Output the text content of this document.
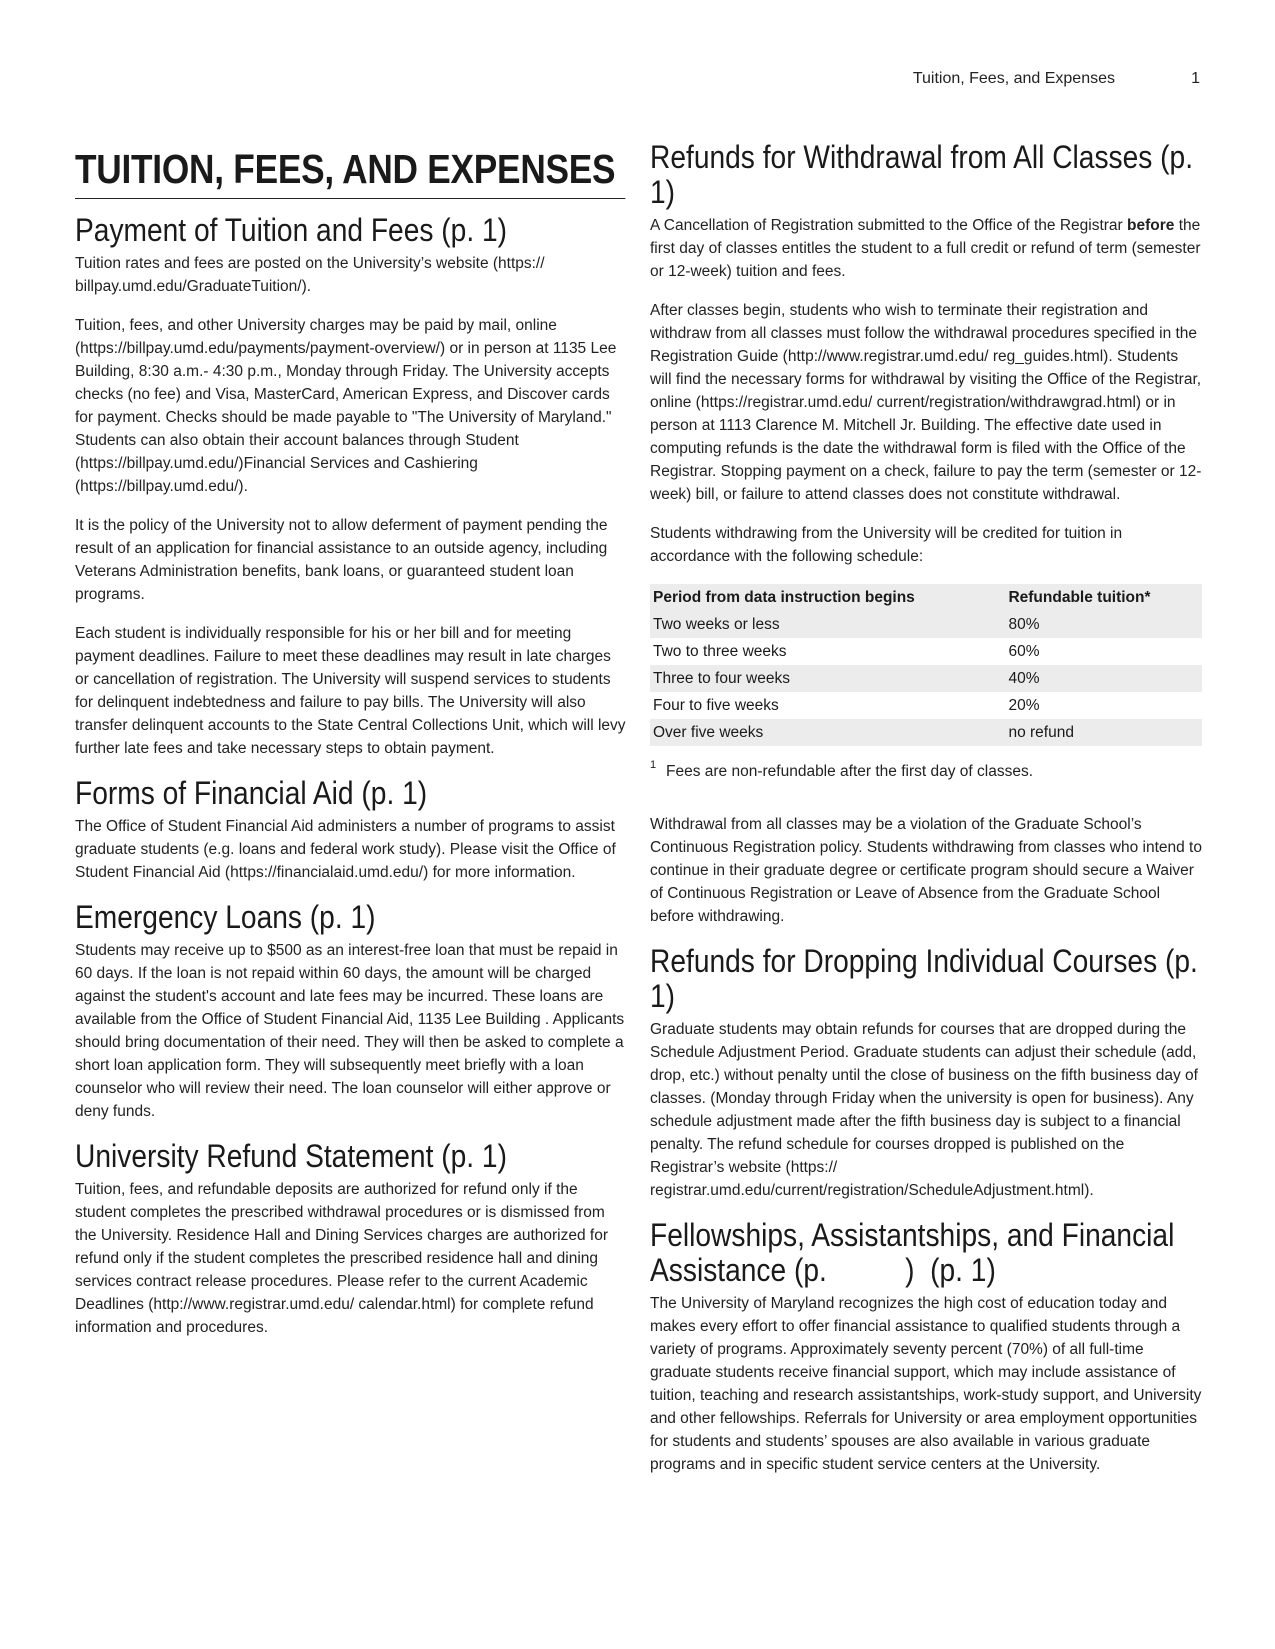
Tuition, Fees, and Expenses	1
TUITION, FEES, AND EXPENSES
Payment of Tuition and Fees (p. 1)

Tuition rates and fees are posted on the University’s website (https:// billpay.umd.edu/GraduateTuition/).

Tuition, fees, and other University charges may be paid by mail, online (https://billpay.umd.edu/payments/payment-overview/) or in person at 1135 Lee Building, 8:30 a.m.- 4:30 p.m., Monday through Friday. The University accepts checks (no fee) and Visa, MasterCard, American Express, and Discover cards for payment. Checks should be made payable to "The University of Maryland." Students can also obtain their account balances through Student (https://billpay.umd.edu/)Financial Services and Cashiering (https://billpay.umd.edu/).

It is the policy of the University not to allow deferment of payment pending the result of an application for financial assistance to an outside agency, including Veterans Administration benefits, bank loans, or guaranteed student loan programs.

Each student is individually responsible for his or her bill and for meeting payment deadlines. Failure to meet these deadlines may result in late charges or cancellation of registration. The University will suspend services to students for delinquent indebtedness and failure to pay bills. The University will also transfer delinquent accounts to the State Central Collections Unit, which will levy further late fees and take necessary steps to obtain payment.

Forms of Financial Aid (p. 1)

The Office of Student Financial Aid administers a number of programs to assist graduate students (e.g. loans and federal work study). Please visit the Office of Student Financial Aid (https://financialaid.umd.edu/) for more information.

Emergency Loans (p. 1)

Students may receive up to $500 as an interest-free loan that must be repaid in 60 days. If the loan is not repaid within 60 days, the amount will be charged against the student's account and late fees may be incurred. These loans are available from the Office of Student Financial Aid, 1135 Lee Building . Applicants should bring documentation of their need. They will then be asked to complete a short loan application form. They will subsequently meet briefly with a loan counselor who will review their need. The loan counselor will either approve or deny funds.

University Refund Statement (p. 1)

Tuition, fees, and refundable deposits are authorized for refund only if the student completes the prescribed withdrawal procedures or is dismissed from the University. Residence Hall and Dining Services charges are authorized for refund only if the student completes the prescribed residence hall and dining services contract release procedures. Please refer to the current Academic Deadlines (http://www.registrar.umd.edu/ calendar.html) for complete refund information and procedures.

Refunds for Withdrawal from All Classes (p. 1)

A Cancellation of Registration submitted to the Office of the Registrar before the first day of classes entitles the student to a full credit or refund of term (semester or 12-week) tuition and fees.

After classes begin, students who wish to terminate their registration and withdraw from all classes must follow the withdrawal procedures specified in the Registration Guide (http://www.registrar.umd.edu/ reg_guides.html). Students will find the necessary forms for withdrawal by visiting the Office of the Registrar, online (https://registrar.umd.edu/ current/registration/withdrawgrad.html) or in person at 1113 Clarence M. Mitchell Jr. Building. The effective date used in computing refunds is the date the withdrawal form is filed with the Office of the Registrar. Stopping payment on a check, failure to pay the term (semester or 12-week) bill, or failure to attend classes does not constitute withdrawal.

Students withdrawing from the University will be credited for tuition in accordance with the following schedule:

Period from data instruction begins	Refundable tuition*
Two weeks or less	80%
Two to three weeks	60%
Three to four weeks	40%
Four to five weeks	20%
Over five weeks	no refund
1 Fees are non-refundable after the first day of classes.

Withdrawal from all classes may be a violation of the Graduate School’s Continuous Registration policy. Students withdrawing from classes who intend to continue in their graduate degree or certificate program should secure a Waiver of Continuous Registration or Leave of Absence from the Graduate School before withdrawing.

Refunds for Dropping Individual Courses (p. 1)

Graduate students may obtain refunds for courses that are dropped during the Schedule Adjustment Period. Graduate students can adjust their schedule (add, drop, etc.) without penalty until the close of business on the fifth business day of classes. (Monday through Friday when the university is open for business). Any schedule adjustment made after the fifth business day is subject to a financial penalty. The refund schedule for courses dropped is published on the Registrar’s website (https:// registrar.umd.edu/current/registration/ScheduleAdjustment.html).

Fellowships, Assistantships, and Financial Assistance (p.          )  (p. 1)

The University of Maryland recognizes the high cost of education today and makes every effort to offer financial assistance to qualified students through a variety of programs. Approximately seventy percent (70%) of all full-time graduate students receive financial support, which may include assistance of tuition, teaching and research assistantships, work-study support, and University and other fellowships. Referrals for University or area employment opportunities for students and students’ spouses are also available in various graduate programs and in specific student service centers at the University.
